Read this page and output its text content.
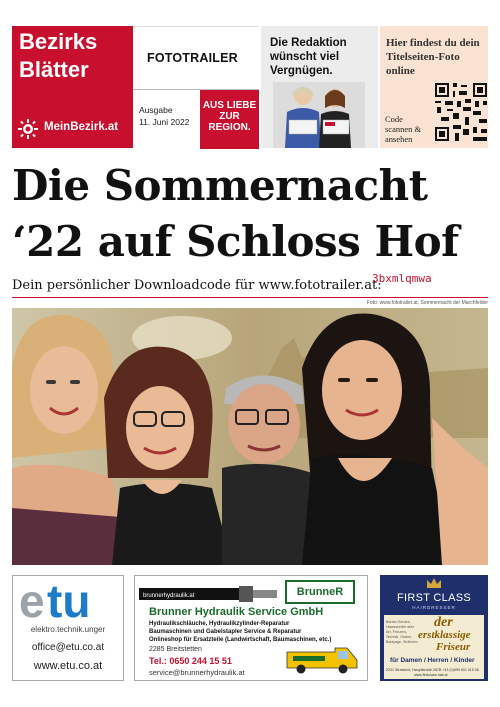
Bezirks
Blätter
MeinBezirk.at
FOTOTRAILER
Ausgabe
11. Juni 2022
AUS LIEBE ZUR REGION.
Die Redaktion wünscht viel Vergnügen.
Hier findest du dein Titelseiten-Foto online
Code scannen & ansehen
Die Sommernacht
‘22 auf Schloss Hof
Dein persönlicher Downloadcode für www.fototrailer.at:
3bxmlqmwa
Foto: www.fototrailer.at, Sommernacht der Marchfelder
e tu
elektro.technik.unger
office@etu.co.at
www.etu.co.at
brunnerhydraulik.at	BrunneR
Brunner Hydraulik Service GmbH
Hydraulikschläuche, Hydraulikzylinder-Reparatur
Baumaschinen und Gabelstapler Service & Reparatur
Onlineshop für Ersatzteile (Landwirtschaft, Baumaschinen, etc.)
2285 Breitstetten
Tel.: 0650 244 15 51
service@brunnerhydraulik.at
FIRST CLASS
HAIRDRESSER
Barber-Service, Haarschnitte aller Art, Frisuren-Technik, Ombre, Balayage, Strähnen
der
erstklassige
Friseur
für Damen / Herren / Kinder
2231 Strasshof, Hauptstraße 267B +43 (0)699 801 915 08
www.firstclass-hair.at
